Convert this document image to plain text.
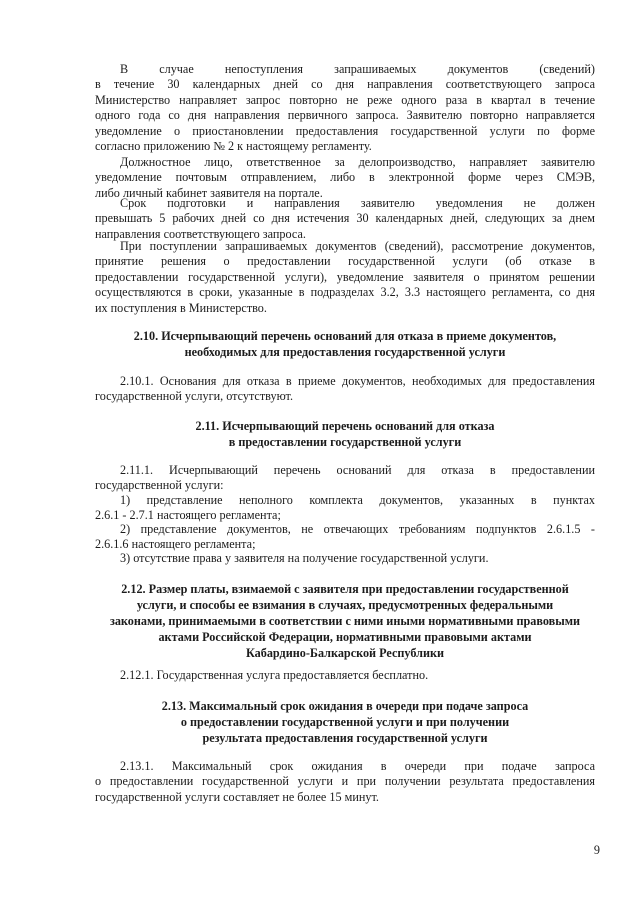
В случае непоступления запрашиваемых документов (сведений)
в течение 30 календарных дней со дня направления соответствующего запроса
Министерство направляет запрос повторно не реже одного раза в квартал в течение
одного года со дня направления первичного запроса. Заявителю повторно направляется
уведомление о приостановлении предоставления государственной услуги по форме
согласно приложению № 2 к настоящему регламенту.
Должностное лицо, ответственное за делопроизводство, направляет заявителю
уведомление почтовым отправлением, либо в электронной форме через СМЭВ,
либо личный кабинет заявителя на портале.
Срок подготовки и направления заявителю уведомления не должен
превышать 5 рабочих дней со дня истечения 30 календарных дней, следующих за днем
направления соответствующего запроса.
При поступлении запрашиваемых документов (сведений), рассмотрение документов,
принятие решения о предоставлении государственной услуги (об отказе в
предоставлении государственной услуги), уведомление заявителя о принятом решении
осуществляются в сроки, указанные в подразделах 3.2, 3.3 настоящего регламента, со дня
их поступления в Министерство.
2.10. Исчерпывающий перечень оснований для отказа в приеме документов,
необходимых для предоставления государственной услуги
2.10.1. Основания для отказа в приеме документов, необходимых для предоставления
государственной услуги, отсутствуют.
2.11. Исчерпывающий перечень оснований для отказа
в предоставлении государственной услуги
2.11.1. Исчерпывающий перечень оснований для отказа в предоставлении
государственной услуги:
1) представление неполного комплекта документов, указанных в пунктах
2.6.1 - 2.7.1 настоящего регламента;
2) представление документов, не отвечающих требованиям подпунктов 2.6.1.5 -
2.6.1.6 настоящего регламента;
3) отсутствие права у заявителя на получение государственной услуги.
2.12. Размер платы, взимаемой с заявителя при предоставлении государственной
услуги, и способы ее взимания в случаях, предусмотренных федеральными
законами, принимаемыми в соответствии с ними иными нормативными правовыми
актами Российской Федерации, нормативными правовыми актами
Кабардино-Балкарской Республики
2.12.1. Государственная услуга предоставляется бесплатно.
2.13. Максимальный срок ожидания в очереди при подаче запроса
о предоставлении государственной услуги и при получении
результата предоставления государственной услуги
2.13.1. Максимальный срок ожидания в очереди при подаче запроса
о предоставлении государственной услуги и при получении результата предоставления
государственной услуги составляет не более 15 минут.
9
